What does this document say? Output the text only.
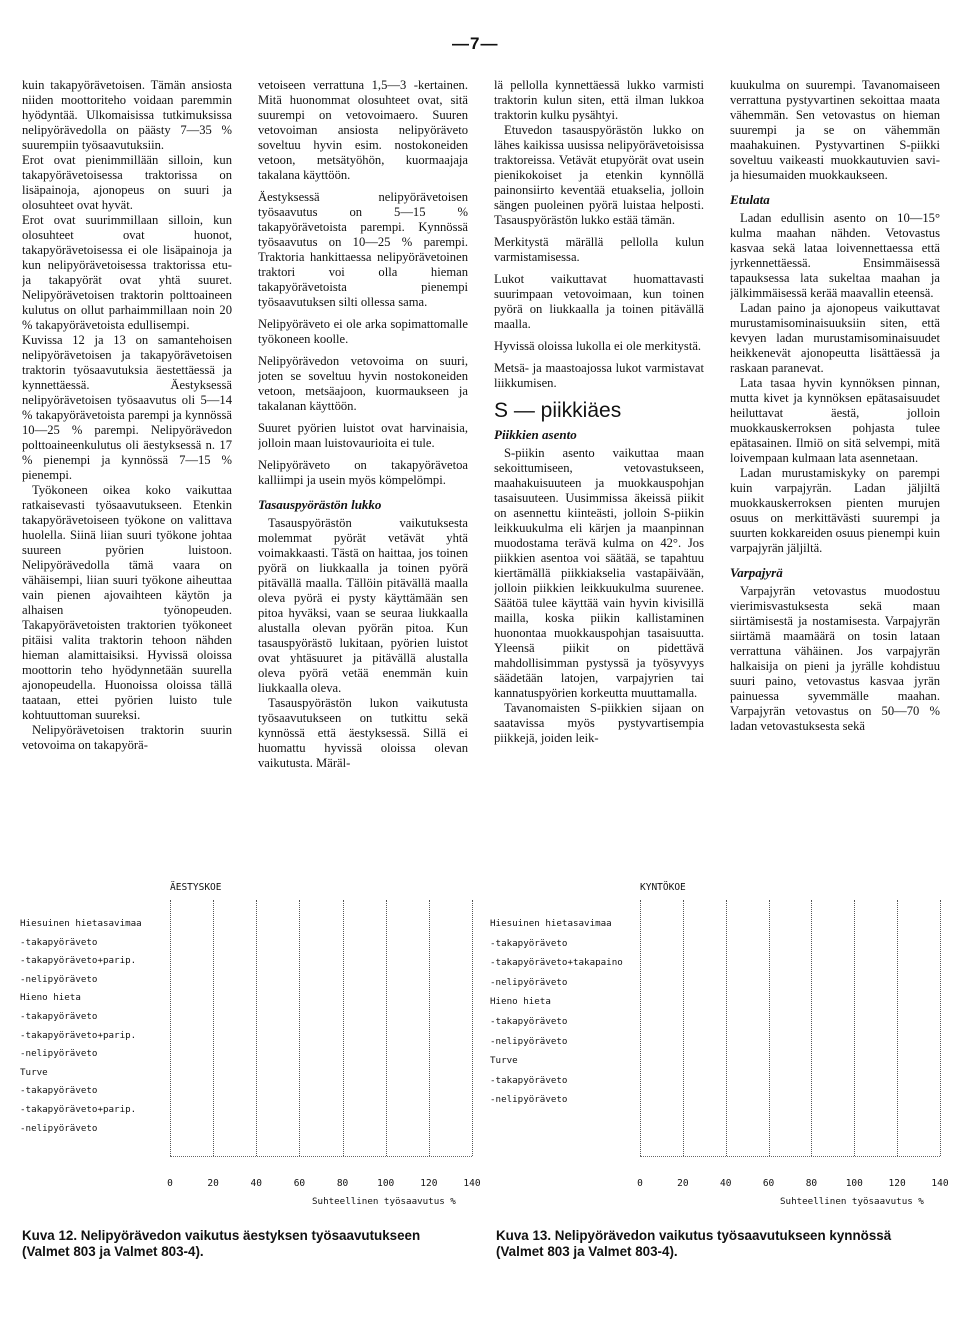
—7—

kuin takapyörävetoisen. Tämän ansiosta niiden moottoriteho voidaan paremmin hyödyntää. Ulkomaisissa tutkimuksissa nelipyörävedolla on päästy 7—35 % suurempiin työsaavutuksiin.

Erot ovat pienimmillään silloin, kun takapyörävetoisessa traktorissa on lisäpainoja, ajonopeus on suuri ja olosuhteet ovat hyvät.

Erot ovat suurimmillaan silloin, kun olosuhteet ovat huonot, takapyörävetoisessa ei ole lisäpainoja ja kun nelipyörävetoisessa traktorissa etu- ja takapyörät ovat yhtä suuret. Nelipyörävetoisen traktorin polttoaineen kulutus on ollut parhaimmillaan noin 20 % takapyörävetoista edullisempi.

Kuvissa 12 ja 13 on samantehoisen nelipyörävetoisen ja takapyörävetoisen traktorin työsaavutuksia äestettäessä ja kynnettäessä. Äestyksessä nelipyörävetoisen työsaavutus oli 5—14 % takapyörävetoista parempi ja kynnössä 10—25 % parempi. Nelipyörävedon polttoaineenkulutus oli äestyksessä n. 17 % pienempi ja kynnössä 7—15 % pienempi.

Työkoneen oikea koko vaikuttaa ratkaisevasti työsaavutukseen. Etenkin takapyörävetoiseen työkone on valittava huolella. Siinä liian suuri työkone johtaa suureen pyörien luistoon. Nelipyörävedolla tämä vaara on vähäisempi, liian suuri työkone aiheuttaa vain pienen ajovaihteen käytön ja alhaisen työnopeuden. Takapyörävetoisten traktorien työkoneet pitäisi valita traktorin tehoon nähden hieman alamittaisiksi. Hyvissä oloissa moottorin teho hyödynnetään suurella ajonopeudella. Huonoissa oloissa tällä taataan, ettei pyörien luisto tule kohtuuttoman suureksi.

Nelipyörävetoisen traktorin suurin vetovoima on takapyörä-

vetoiseen verrattuna 1,5—3 -kertainen. Mitä huonommat olosuhteet ovat, sitä suurempi on vetovoimaero. Suuren vetovoiman ansiosta nelipyöräveto soveltuu hyvin esim. nostokoneiden vetoon, metsätyöhön, kuormaajaja takalana käyttöön.

Äestyksessä nelipyörävetoisen työsaavutus on 5—15 % takapyörävetoista parempi. Kynnössä työsaavutus on 10—25 % parempi. Traktoria hankittaessa nelipyörävetoinen traktori voi olla hieman takapyörävetoista pienempi työsaavutuksen silti ollessa sama.

Nelipyöräveto ei ole arka sopimattomalle työkoneen koolle.

Nelipyörävedon vetovoima on suuri, joten se soveltuu hyvin nostokoneiden vetoon, metsäajoon, kuormaukseen ja takalanan käyttöön.

Suuret pyörien luistot ovat harvinaisia, jolloin maan luistovaurioita ei tule.

Nelipyöräveto on takapyörävetoa kalliimpi ja usein myös kömpelömpi.

Tasauspyörästön lukko

Tasauspyörästön vaikutuksesta molemmat pyörät vetävät yhtä voimakkaasti. Tästä on haittaa, jos toinen pyörä on liukkaalla ja toinen pyörä pitävällä maalla. Tällöin pitävällä maalla oleva pyörä ei pysty käyttämään sen pitoa hyväksi, vaan se seuraa liukkaalla alustalla olevan pyörän pitoa. Kun tasauspyörästö lukitaan, pyörien luistot ovat yhtäsuuret ja pitävällä alustalla oleva pyörä vetää enemmän kuin liukkaalla oleva.

Tasauspyörästön lukon vaikutusta työsaavutukseen on tutkittu sekä kynnössä että äestyksessä. Sillä ei huomattu hyvissä oloissa olevan vaikutusta. Märäl-

lä pellolla kynnettäessä lukko varmisti traktorin kulun siten, että ilman lukkoa traktorin kulku pysähtyi.

Etuvedon tasauspyörästön lukko on lähes kaikissa uusissa nelipyörävetoisissa traktoreissa. Vetävät etupyörät ovat usein pienikokoiset ja etenkin kynnöllä painonsiirto keventää etuakselia, jolloin sängen puoleinen pyörä luistaa helposti. Tasauspyörästön lukko estää tämän.

Merkitystä märällä pellolla kulun varmistamisessa.

Lukot vaikuttavat huomattavasti suurimpaan vetovoimaan, kun toinen pyörä on liukkaalla ja toinen pitävällä maalla.

Hyvissä oloissa lukolla ei ole merkitystä.

Metsä- ja maastoajossa lukot varmistavat liikkumisen.

S — piikkiäes
Piikkien asento

S-piikin asento vaikuttaa maan sekoittumiseen, vetovastukseen, maahakuisuuteen ja muokkauspohjan tasaisuuteen. Uusimmissa äkeissä piikit on asennettu kiinteästi, jolloin S-piikin leikkuukulma eli kärjen ja maanpinnan muodostama terävä kulma on 42°. Jos piikkien asentoa voi säätää, se tapahtuu kiertämällä piikkiakselia vastapäivään, jolloin piikkien leikkuukulma suurenee. Säätöä tulee käyttää vain hyvin kivisillä mailla, koska piikin kallistaminen huonontaa muokkauspohjan tasaisuutta. Yleensä piikit on pidettävä mahdollisimman pystyssä ja työsyvyys säädetään latojen, varpajyrien tai kannatuspyörien korkeutta muuttamalla.

Tavanomaisten S-piikkien sijaan on saatavissa myös pystyvartisempia piikkejä, joiden leik-

kuukulma on suurempi. Tavanomaiseen verrattuna pystyvartinen sekoittaa maata vähemmän. Sen vetovastus on hieman suurempi ja se on vähemmän maahakuinen. Pystyvartinen S-piikki soveltuu vaikeasti muokkautuvien savi- ja hiesumaiden muokkaukseen.

Etulata

Ladan edullisin asento on 10—15° kulma maahan nähden. Vetovastus kasvaa sekä lataa loivennettaessa että jyrkennettäessä. Ensimmäisessä tapauksessa lata sukeltaa maahan ja jälkimmäisessä kerää maavallin eteensä.

Ladan paino ja ajonopeus vaikuttavat murustamisominaisuuksiin siten, että kevyen ladan murustamisominaisuudet heikkenevät ajonopeutta lisättäessä ja raskaan paranevat.

Lata tasaa hyvin kynnöksen pinnan, mutta kivet ja kynnöksen epätasaisuudet heiluttavat äestä, jolloin muokkauskerroksen pohjasta tulee epätasainen. Ilmiö on sitä selvempi, mitä loivempaan kulmaan lata asennetaan.

Ladan murustamiskyky on parempi kuin varpajyrän. Ladan jäljiltä muokkauskerroksen pienten murujen osuus on merkittävästi suurempi ja suurten kokkareiden osuus pienempi kuin varpajyrän jäljiltä.

Varpajyrä

Varpajyrän vetovastus muodostuu vierimisvastuksesta sekä maan siirtämisestä ja nostamisesta. Varpajyrän siirtämä maamäärä on tosin lataan verrattuna vähäinen. Jos varpajyrän halkaisija on pieni ja jyrälle kohdistuu suuri paino, vetovastus kasvaa jyrän painuessa syvemmälle maahan. Varpajyrän vetovastus on 50—70 % ladan vetovastuksesta sekä

ÄESTYSKOE
Hiesuinen hietasavimaa
-takapyöräveto
-takapyöräveto+parip.
-nelipyöräveto
Hieno hieta
-takapyöräveto
-takapyöräveto+parip.
-nelipyöräveto
Turve
-takapyöräveto
-takapyöräveto+parip.
-nelipyöräveto
0	20	40	60	80	100	120	140
Suhteellinen työsaavutus %
KYNTÖKOE
Hiesuinen hietasavimaa
-takapyöräveto
-takapyöräveto+takapaino
-nelipyöräveto
Hieno hieta
-takapyöräveto
-nelipyöräveto
Turve
-takapyöräveto
-nelipyöräveto
0	20	40	60	80	100	120	140
Suhteellinen työsaavutus %
Kuva 12. Nelipyörävedon vaikutus äestyksen työsaavutukseen (Valmet 803 ja Valmet 803-4).
Kuva 13. Nelipyörävedon vaikutus työsaavutukseen kynnössä (Valmet 803 ja Valmet 803-4).
